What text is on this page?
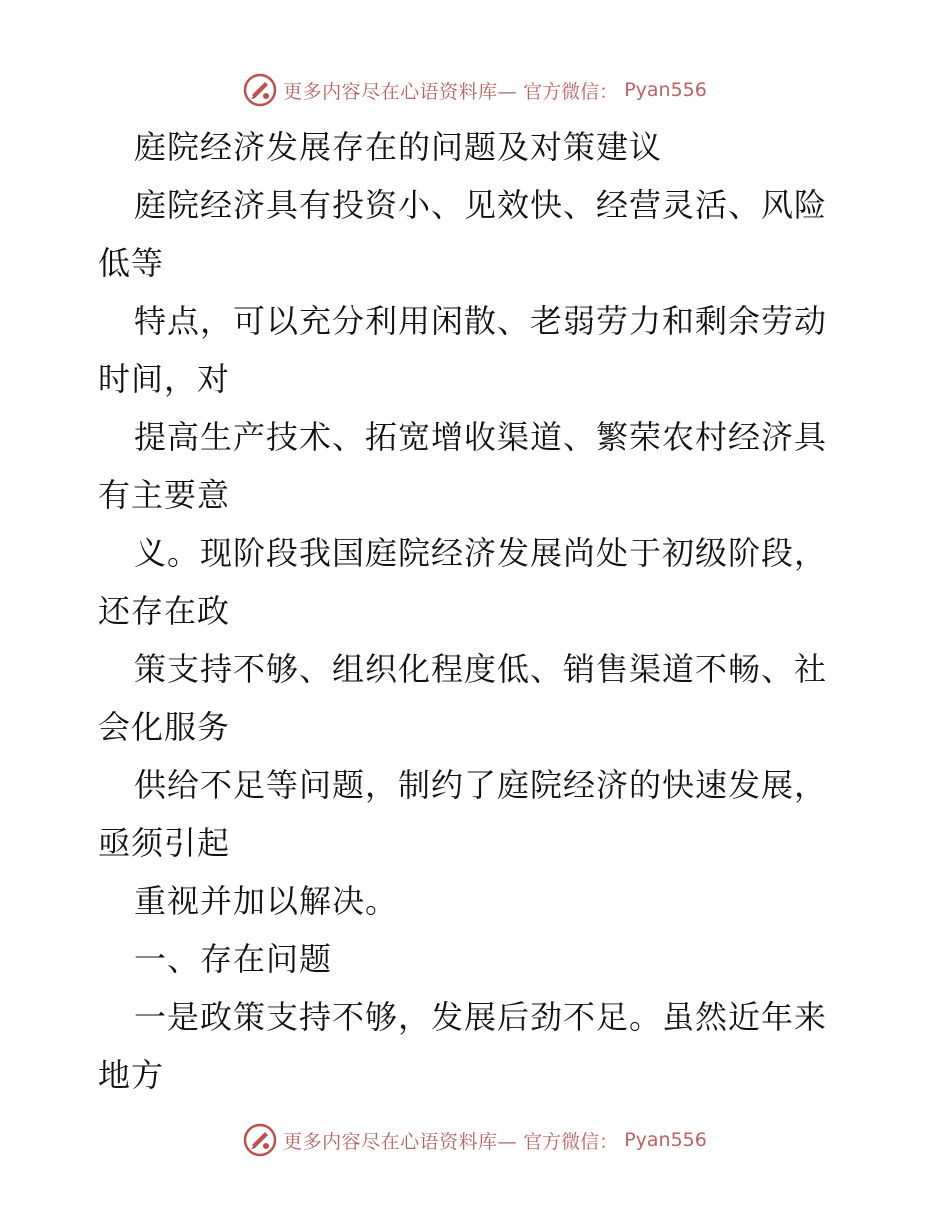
更多内容尽在心语资料库— 官方微信： Pyan556
庭院经济发展存在的问题及对策建议
庭院经济具有投资小、见效快、经营灵活、风险
低等
特点，可以充分利用闲散、老弱劳力和剩余劳动
时间，对
提高生产技术、拓宽增收渠道、繁荣农村经济具
有主要意
义。现阶段我国庭院经济发展尚处于初级阶段，
还存在政
策支持不够、组织化程度低、销售渠道不畅、社
会化服务
供给不足等问题，制约了庭院经济的快速发展，
亟须引起
重视并加以解决。
一、存在问题
一是政策支持不够，发展后劲不足。虽然近年来
地方
更多内容尽在心语资料库— 官方微信： Pyan556
